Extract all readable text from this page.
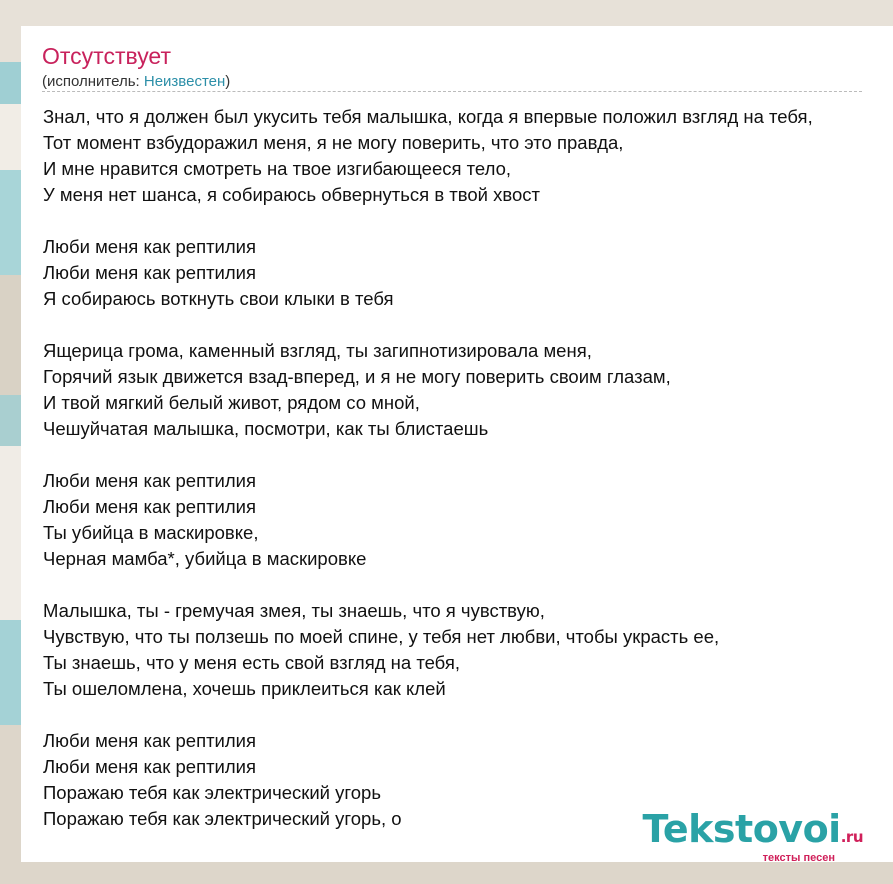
Отсутствует
(исполнитель: Неизвестен)
Знал, что я должен был укусить тебя малышка, когда я впервые положил взгляд на тебя,
Тот момент взбудоражил меня, я не могу поверить, что это правда,
И мне нравится смотреть на твое изгибающееся тело,
У меня нет шанса, я собираюсь обвернуться в твой хвост

Люби меня как рептилия
Люби меня как рептилия
Я собираюсь воткнуть свои клыки в тебя

Ящерица грома, каменный взгляд, ты загипнотизировала меня,
Горячий язык движется взад-вперед, и я не могу поверить своим глазам,
И твой мягкий белый живот, рядом со мной,
Чешуйчатая малышка, посмотри, как ты блистаешь

Люби меня как рептилия
Люби меня как рептилия
Ты убийца в маскировке,
Черная мамба*, убийца в маскировке

Малышка, ты - гремучая змея, ты знаешь, что я чувствую,
Чувствую, что ты ползешь по моей спине, у тебя нет любви, чтобы украсть ее,
Ты знаешь, что у меня есть свой взгляд на тебя,
Ты ошеломлена, хочешь приклеиться как клей

Люби меня как рептилия
Люби меня как рептилия
Поражаю тебя как электрический угорь
Поражаю тебя как электрический угорь, о	Tekstovoi.ru
тексты песен
